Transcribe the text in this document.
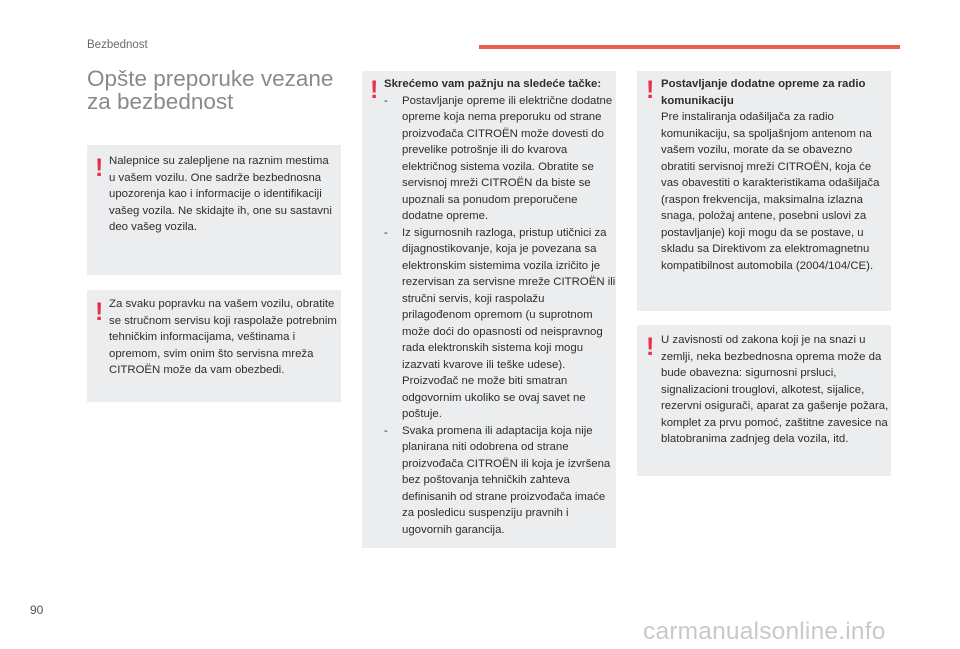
Bezbednost
Opšte preporuke vezane za bezbednost
! Nalepnice su zalepljene na raznim mestima u vašem vozilu. One sadrže bezbednosna upozorenja kao i informacije o identifikaciji vašeg vozila. Ne skidajte ih, one su sastavni deo vašeg vozila.

! Za svaku popravku na vašem vozilu, obratite se stručnom servisu koji raspolaže potrebnim tehničkim informacijama, veštinama i opremom, svim onim što servisna mreža CITROËN može da vam obezbedi.

! Skrećemo vam pažnju na sledeće tačke:

- Postavljanje opreme ili električne dodatne opreme koja nema preporuku od strane proizvođača CITROËN može dovesti do prevelike potrošnje ili do kvarova električnog sistema vozila. Obratite se servisnoj mreži CITROËN da biste se upoznali sa ponudom preporučene dodatne opreme.
- Iz sigurnosnih razloga, pristup utičnici za dijagnostikovanje, koja je povezana sa elektronskim sistemima vozila izričito je rezervisan za servisne mreže CITROËN ili stručni servis, koji raspolažu prilagođenom opremom (u suprotnom može doći do opasnosti od neispravnog rada elektronskih sistema koji mogu izazvati kvarove ili teške udese). Proizvođač ne može biti smatran odgovornim ukoliko se ovaj savet ne poštuje.
- Svaka promena ili adaptacija koja nije planirana niti odobrena od strane proizvođača CITROËN ili koja je izvršena bez poštovanja tehničkih zahteva definisanih od strane proizvođača imaće za posledicu suspenziju pravnih i ugovornih garancija.
! Postavljanje dodatne opreme za radio komunikaciju

Pre instaliranja odašiljača za radio komunikaciju, sa spoljašnjom antenom na vašem vozilu, morate da se obavezno obratiti servisnoj mreži CITROËN, koja će vas obavestiti o karakteristikama odašiljača (raspon frekvencija, maksimalna izlazna snaga, položaj antene, posebni uslovi za postavljanje) koji mogu da se postave, u skladu sa Direktivom za elektromagnetnu kompatibilnost automobila (2004/104/CE).

! U zavisnosti od zakona koji je na snazi u zemlji, neka bezbednosna oprema može da bude obavezna: sigurnosni prsluci, signalizacioni trouglovi, alkotest, sijalice, rezervni osigurači, aparat za gašenje požara, komplet za prvu pomoć, zaštitne zavesice na blatobranima zadnjeg dela vozila, itd.

90
carmanualsonline.info
